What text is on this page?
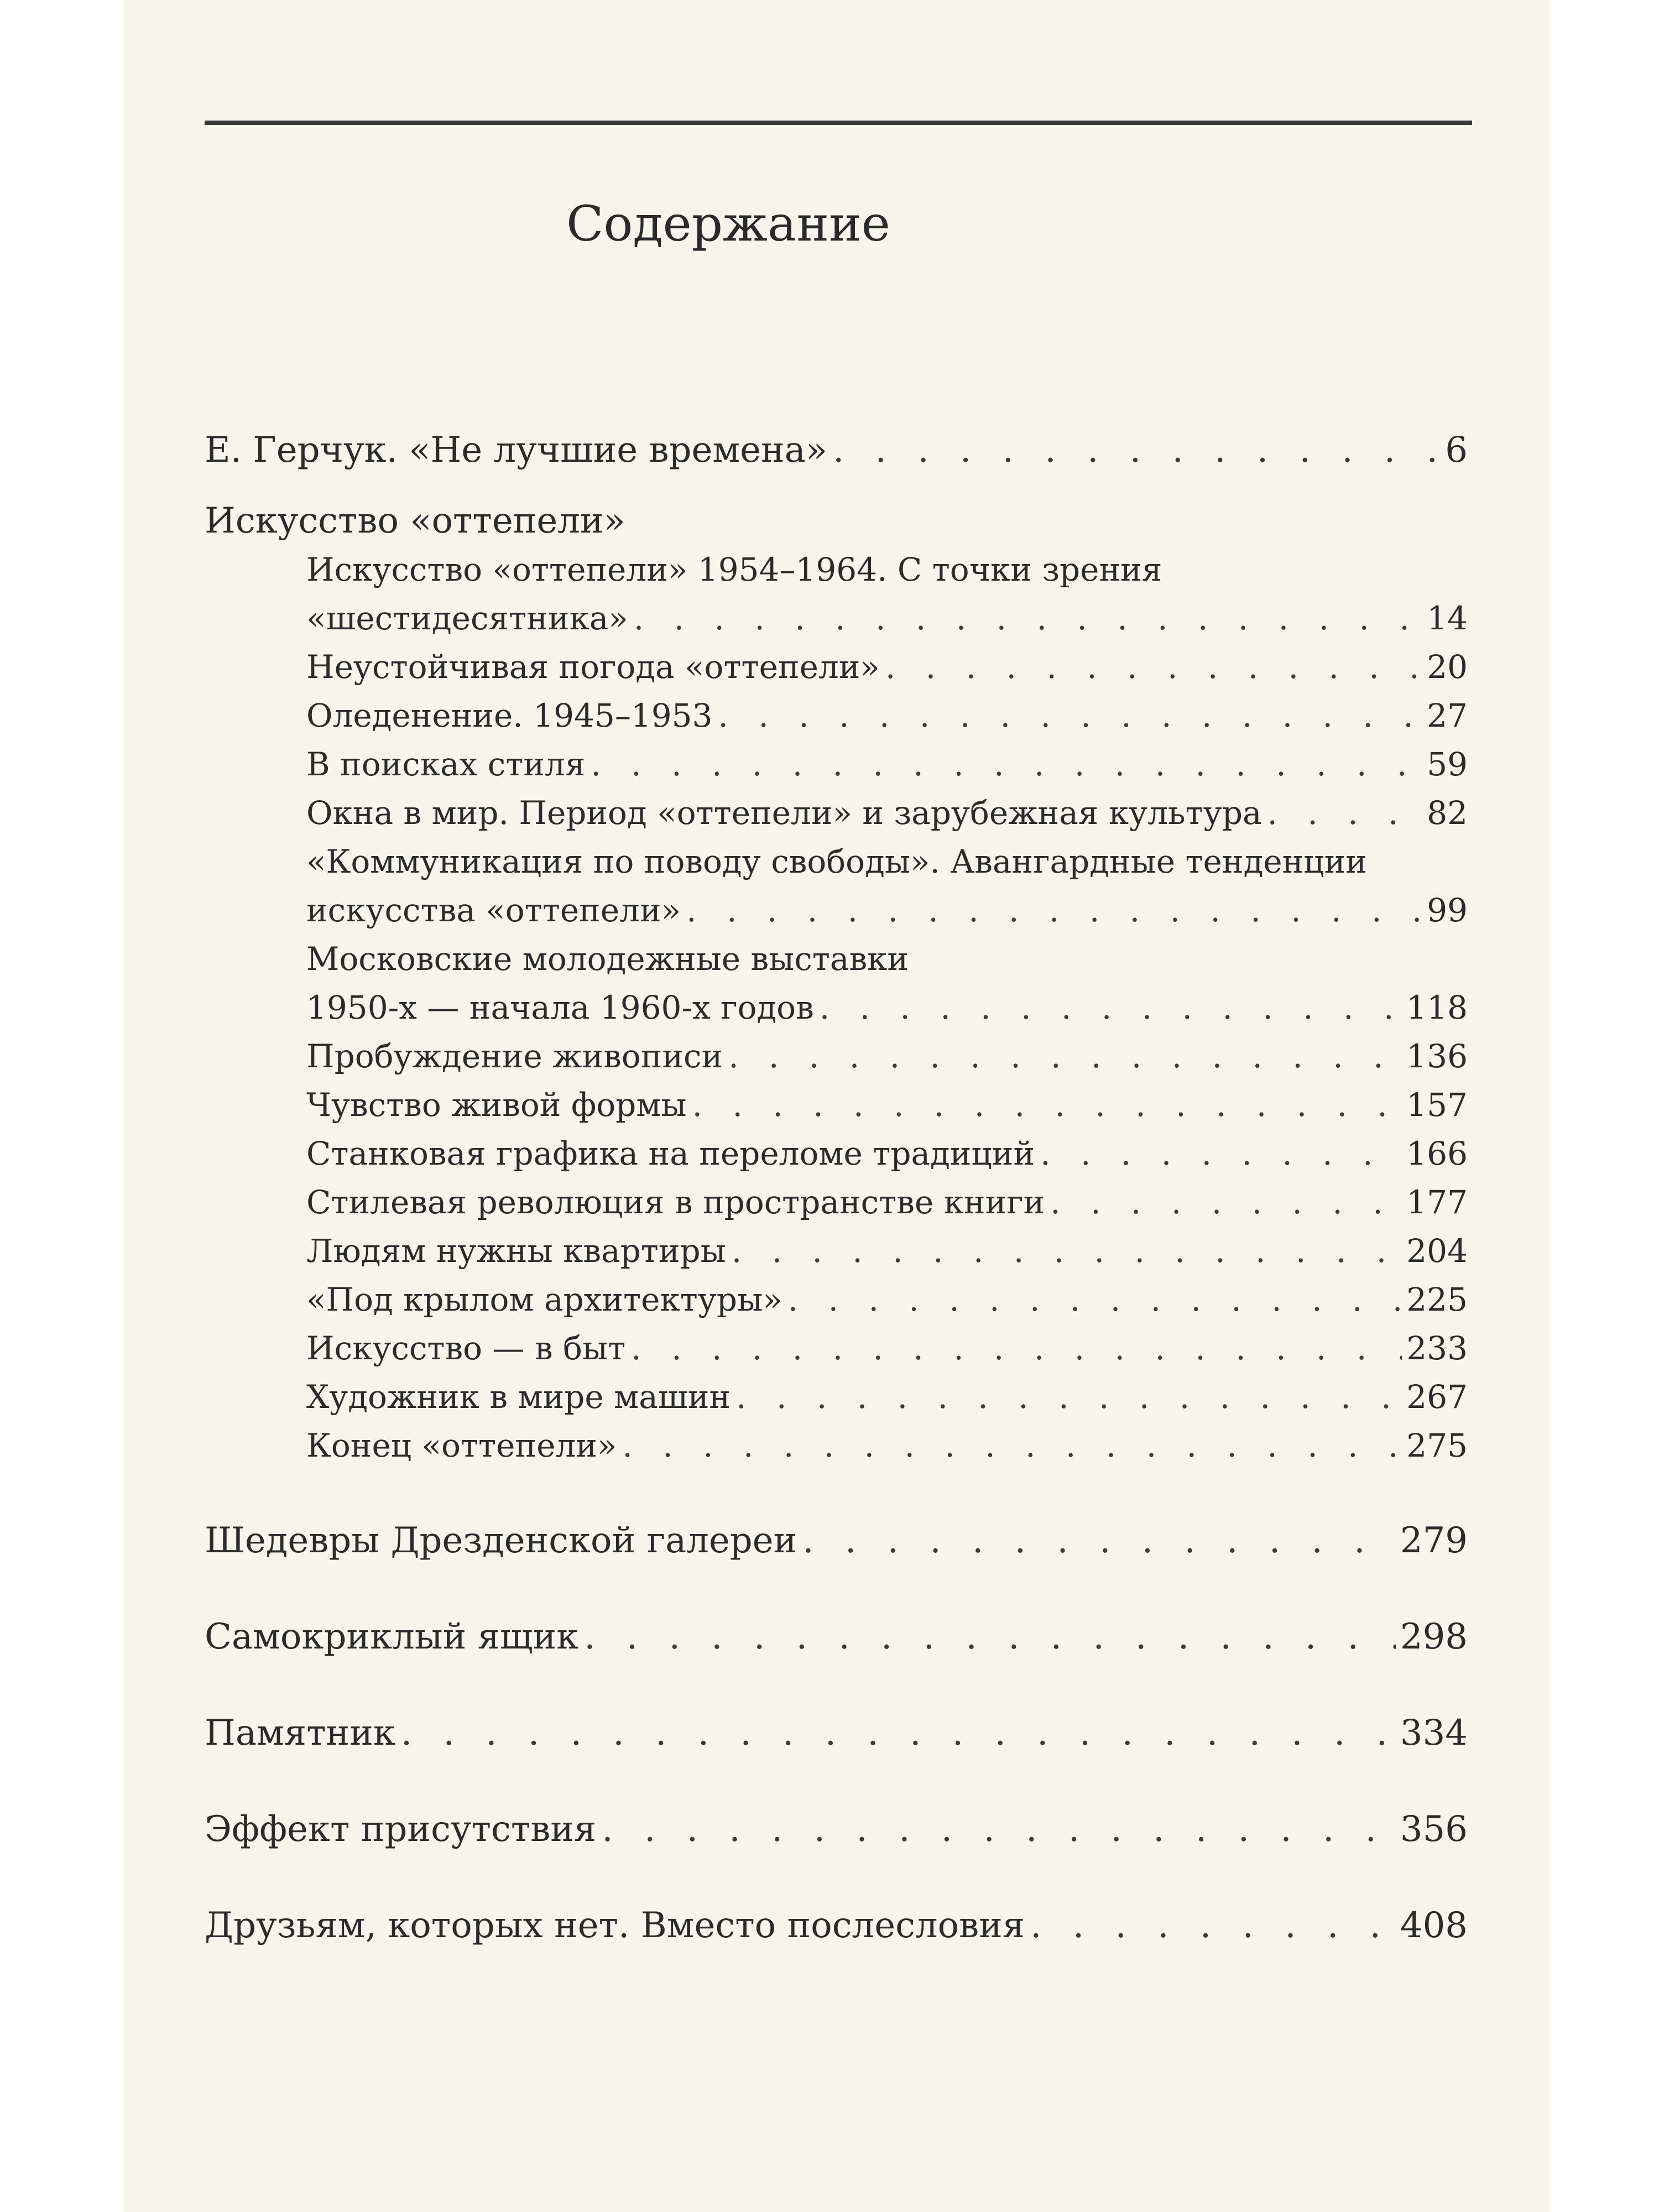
Содержание
Е. Герчук. «Не лучшие времена» . . .	6
Искусство «оттепели»
Искусство «оттепели» 1954–1964. С точки зрения
«шестидесятника» . . .	14
Неустойчивая погода «оттепели» . . .	20
Оледенение. 1945–1953 . . .	27
В поисках стиля . . .	59
Окна в мир. Период «оттепели» и зарубежная культура . . .	82
«Коммуникация по поводу свободы». Авангардные тенденции
искусства «оттепели» . . .	99
Московские молодежные выставки
1950-х — начала 1960-х годов . . .	118
Пробуждение живописи . . .	136
Чувство живой формы . . .	157
Станковая графика на переломе традиций . . .	166
Стилевая революция в пространстве книги . . .	177
Людям нужны квартиры . . .	204
«Под крылом архитектуры» . . .	225
Искусство — в быт . . .	233
Художник в мире машин . . .	267
Конец «оттепели» . . .	275
Шедевры Дрезденской галереи . . .	279
Самокриклый ящик . . .	298
Памятник . . .	334
Эффект присутствия . . .	356
Друзьям, которых нет. Вместо послесловия . . .	408
